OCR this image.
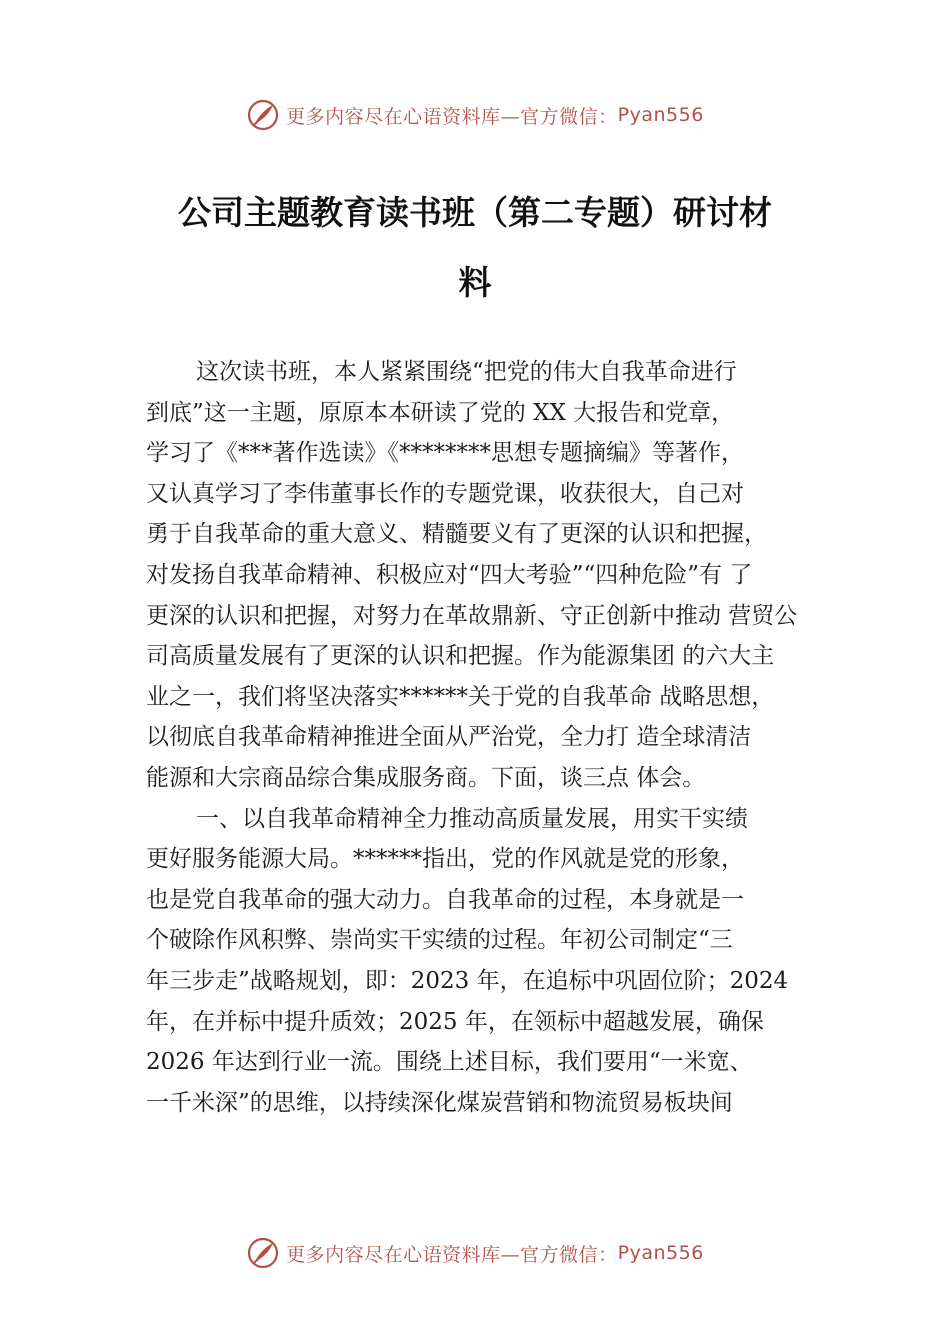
更多内容尽在心语资料库—官方微信： Pyan556
公司主题教育读书班（第二专题）研讨材
料
这次读书班，本人紧紧围绕“把党的伟大自我革命进行
到底”这一主题，原原本本研读了党的 XX 大报告和党章，
学习了《***著作选读》《********思想专题摘编》等著作，
又认真学习了李伟董事长作的专题党课，收获很大，自己对
勇于自我革命的重大意义、精髓要义有了更深的认识和把握，
对发扬自我革命精神、积极应对“四大考验”“四种危险”有 了
更深的认识和把握，对努力在革故鼎新、守正创新中推动 营贸公
司高质量发展有了更深的认识和把握。作为能源集团 的六大主
业之一，我们将坚决落实******关于党的自我革命 战略思想，
以彻底自我革命精神推进全面从严治党，全力打 造全球清洁
能源和大宗商品综合集成服务商。下面，谈三点 体会。
一、以自我革命精神全力推动高质量发展，用实干实绩
更好服务能源大局。******指出，党的作风就是党的形象，
也是党自我革命的强大动力。自我革命的过程，本身就是一
个破除作风积弊、崇尚实干实绩的过程。年初公司制定“三
年三步走”战略规划，即：2023 年，在追标中巩固位阶；2024
年，在并标中提升质效；2025 年，在领标中超越发展，确保
2026 年达到行业一流。围绕上述目标，我们要用“一米宽、
一千米深”的思维，以持续深化煤炭营销和物流贸易板块间
更多内容尽在心语资料库—官方微信： Pyan556
